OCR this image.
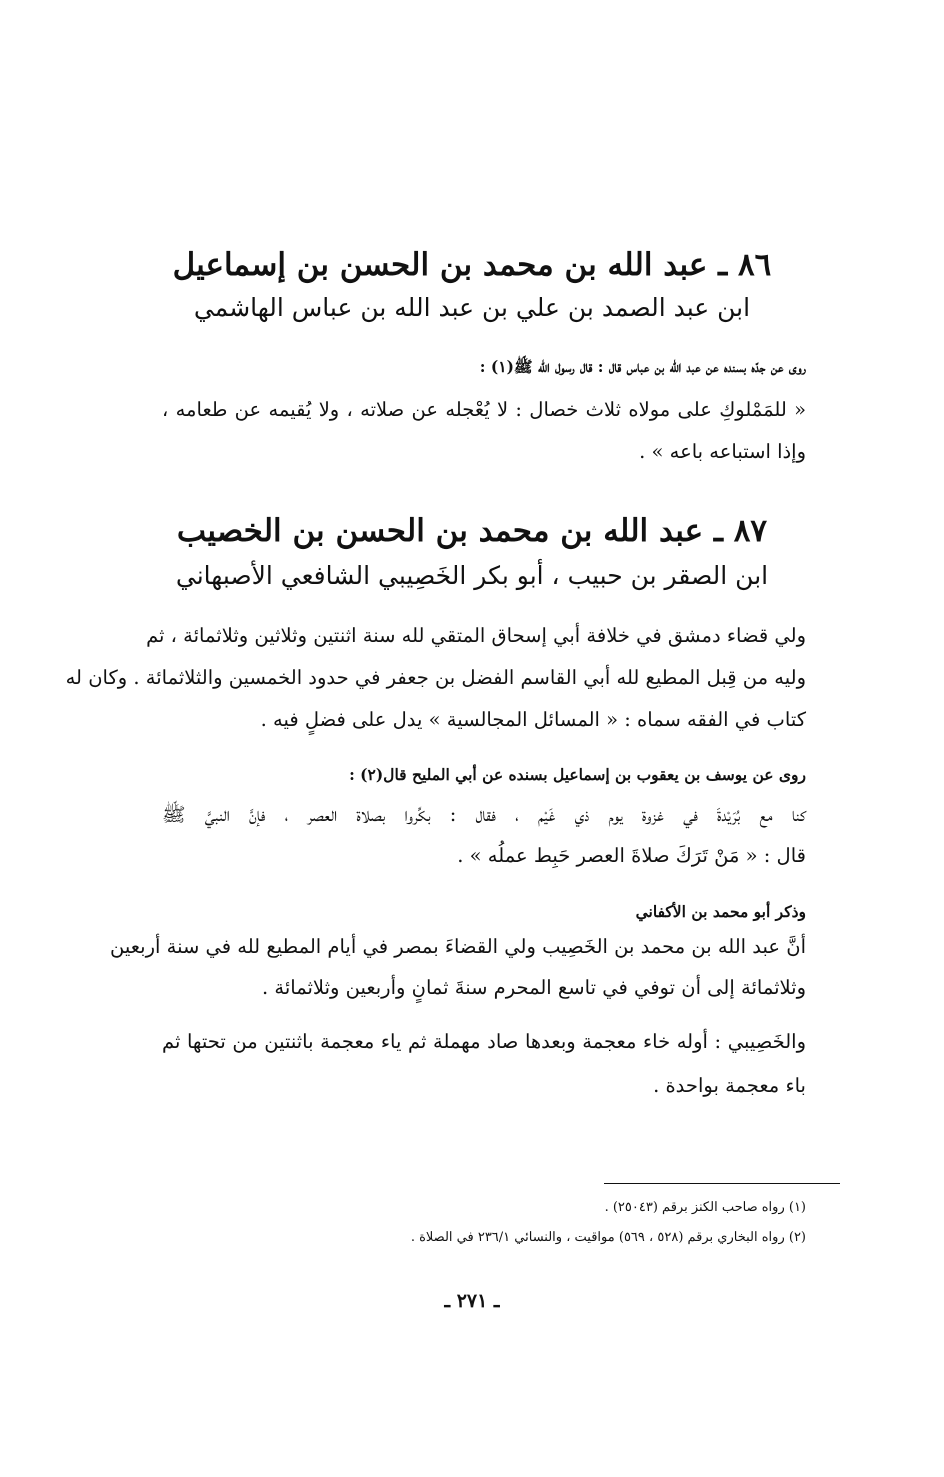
٨٦ ـ عبد الله بن محمد بن الحسن بن إسماعيل
ابن عبد الصمد بن علي بن عبد الله بن عباس الهاشمي
روى عن جدّه بسنده عن عبد الله بن عباس قال : قال رسول الله ﷺ(١) :
« للمَمْلوكِ على مولاه ثلاث خصال : لا يُعْجله عن صلاته ، ولا يُقيمه عن طعامه ،
وإذا استباعه باعه » .
٨٧ ـ عبد الله بن محمد بن الحسن بن الخصيب
ابن الصقر بن حبيب ، أبو بكر الخَصِيبي الشافعي الأصبهاني
ولي قضاء دمشق في خلافة أبي إسحاق المتقي لله سنة اثنتين وثلاثين وثلاثمائة ، ثم
وليه من قِبل المطيع لله أبي القاسم الفضل بن جعفر في حدود الخمسين والثلاثمائة . وكان له
كتاب في الفقه سماه : « المسائل المجالسية » يدل على فضلٍ فيه .
روى عن يوسف بن يعقوب بن إسماعيل بسنده عن أبي المليح قال(٢) :
كنا مع بُرَيْدةَ في غزوة يوم ذي غَيْم ، فقال : بكِّروا بصلاة العصر ، فإنَّ النبيَّ ﷺ
قال : « مَنْ تَرَكَ صلاةَ العصر حَبِط عملُه » .
وذكر أبو محمد بن الأكفاني
أنَّ عبد الله بن محمد بن الخَصِيب ولي القضاءَ بمصر في أيام المطيع لله في سنة أربعين
وثلاثمائة إلى أن توفي في تاسع المحرم سنةَ ثمانٍ وأربعين وثلاثمائة .
والخَصِيبي : أوله خاء معجمة وبعدها صاد مهملة ثم ياء معجمة باثنتين من تحتها ثم
باء معجمة بواحدة .
(١) رواه صاحب الكنز برقم (٢٥٠٤٣) .
(٢) رواه البخاري برقم (٥٢٨ ، ٥٦٩) مواقيت ، والنسائي ٢٣٦/١ في الصلاة .
ـ ٢٧١ ـ
